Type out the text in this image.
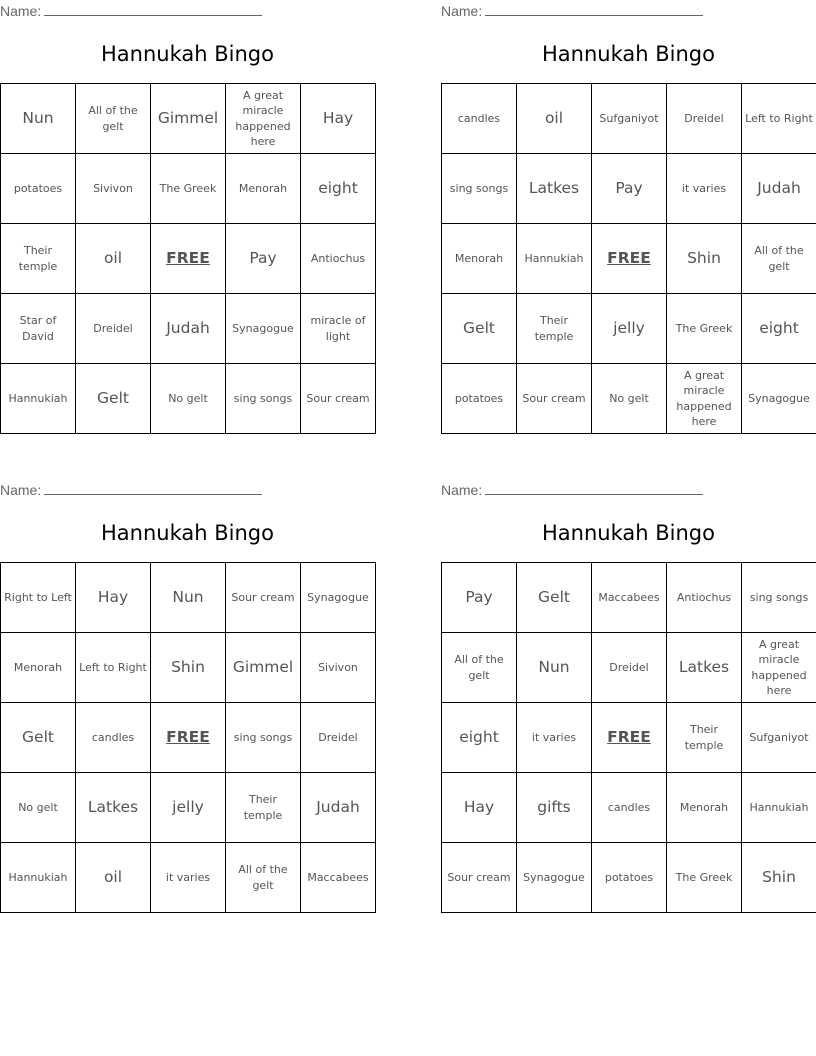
Name:
Hannukah Bingo
Nun	All of the gelt	Gimmel	A great miracle happened here	Hay
potatoes	Sivivon	The Greek	Menorah	eight
Their temple	oil	FREE	Pay	Antiochus
Star of David	Dreidel	Judah	Synagogue	miracle of light
Hannukiah	Gelt	No gelt	sing songs	Sour cream
Name:
Hannukah Bingo
candles	oil	Sufganiyot	Dreidel	Left to Right
sing songs	Latkes	Pay	it varies	Judah
Menorah	Hannukiah	FREE	Shin	All of the gelt
Gelt	Their temple	jelly	The Greek	eight
potatoes	Sour cream	No gelt	A great miracle happened here	Synagogue
Name:
Hannukah Bingo
Right to Left	Hay	Nun	Sour cream	Synagogue
Menorah	Left to Right	Shin	Gimmel	Sivivon
Gelt	candles	FREE	sing songs	Dreidel
No gelt	Latkes	jelly	Their temple	Judah
Hannukiah	oil	it varies	All of the gelt	Maccabees
Name:
Hannukah Bingo
Pay	Gelt	Maccabees	Antiochus	sing songs
All of the gelt	Nun	Dreidel	Latkes	A great miracle happened here
eight	it varies	FREE	Their temple	Sufganiyot
Hay	gifts	candles	Menorah	Hannukiah
Sour cream	Synagogue	potatoes	The Greek	Shin
